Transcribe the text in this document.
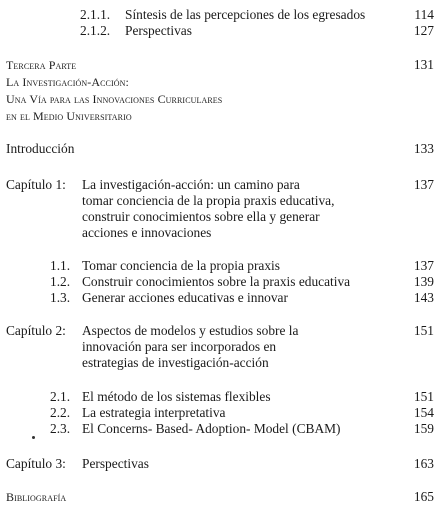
2.1.1. Síntesis de las percepciones de los egresados	114
2.1.2. Perspectivas	127
Tercera Parte	131
La Investigación-Acción:
Una Vía para las Innovaciones Curriculares
en el Medio Universitario
Introducción	133
Capítulo 1: La investigación-acción: un camino para	137
tomar conciencia de la propia praxis educativa,
construir conocimientos sobre ella y generar
acciones e innovaciones
1.1. Tomar conciencia de la propia praxis	137
1.2. Construir conocimientos sobre la praxis educativa	139
1.3. Generar acciones educativas e innovar	143
Capítulo 2: Aspectos de modelos y estudios sobre la	151
innovación para ser incorporados en
estrategias de investigación-acción
2.1. El método de los sistemas flexibles	151
2.2. La estrategia interpretativa	154
2.3. El Concerns- Based- Adoption- Model (CBAM)	159
Capítulo 3: Perspectivas	163
Bibliografía	165
